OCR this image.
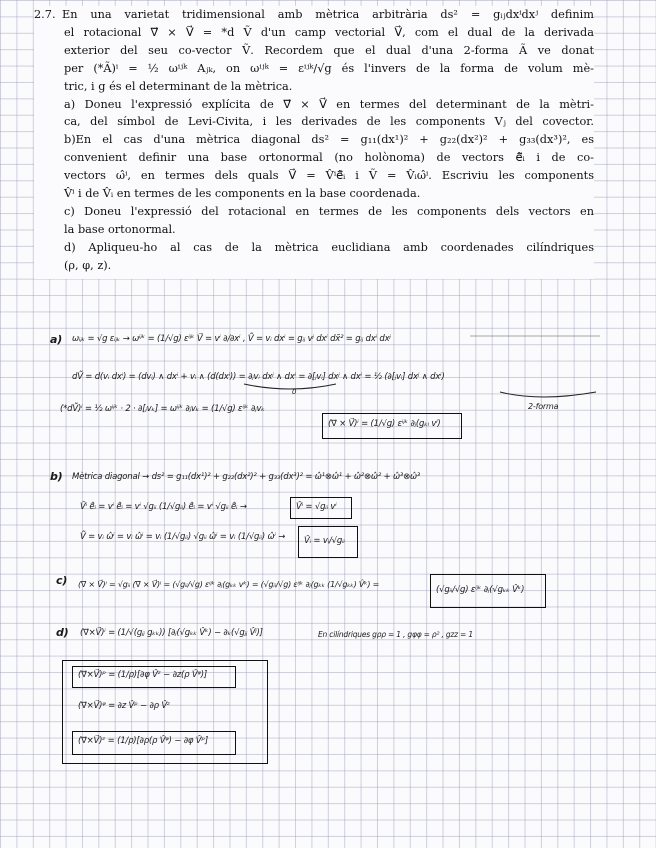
2.7. En una varietat tridimensional amb mètrica arbitrària ds² = gᵢⱼdxⁱdxʲ definim
el rotacional ∇⃗ × V⃗ = *d Ṽ d'un camp vectorial V⃗, com el dual de la derivada
exterior del seu co-vector Ṽ. Recordem que el dual d'una 2-forma Ã ve donat
per (*Ã)ⁱ = ½ ωⁱʲᵏ Aⱼₖ, on ωⁱʲᵏ = εⁱʲᵏ/√g és l'invers de la forma de volum mè-
tric, i g és el determinant de la mètrica.
a) Doneu l'expressió explícita de ∇⃗ × V⃗ en termes del determinant de la mètri-
ca, del símbol de Levi-Civita, i les derivades de les components Vⱼ del covector.
b)En el cas d'una mètrica diagonal ds² = g₁₁(dx¹)² + g₂₂(dx²)² + g₃₃(dx³)², es
convenient definir una base ortonormal (no holònoma) de vectors ê⃗ᵢ i de co-
vectors ω̂ⁱ, en termes dels quals V⃗ = V̂ⁱê⃗ᵢ i Ṽ = V̂ᵢω̂ⁱ. Escriviu les components
V̂ⁱ i de V̂ᵢ en termes de les components en la base coordenada.
c) Doneu l'expressió del rotacional en termes de les components dels vectors en
la base ortonormal.
d) Apliqueu-ho al cas de la mètrica euclidiana amb coordenades cilíndriques
(ρ, φ, z).
a) ωᵢⱼₖ = √g εᵢⱼₖ → ωⁱʲᵏ = (1/√g) εⁱʲᵏ V⃗ = vⁱ ∂/∂xⁱ , Ṽ = vᵢ dxⁱ = gᵢⱼ vʲ dxⁱ dx̃² = gᵢⱼ dxⁱ dxʲ
dṼ = d(vᵢ dxⁱ) = (dvᵢ) ∧ dxⁱ + vᵢ ∧ (d(dxⁱ)) = ∂ⱼvᵢ dxʲ ∧ dxⁱ = ∂[ⱼvᵢ] dxʲ ∧ dxⁱ = ½ (∂[ⱼvᵢ] dxʲ ∧ dxⁱ)
0
2-forma
(*dṼ)ⁱ = ½ ωⁱʲᵏ · 2 · ∂[ⱼvₖ] = ωⁱʲᵏ ∂ⱼvₖ = (1/√g) εⁱʲᵏ ∂ⱼvₖ
(∇⃗ × V⃗)ⁱ = (1/√g) εⁱʲᵏ ∂ⱼ(gₖₗ vˡ)
b) Mètrica diagonal → ds² = g₁₁(dx¹)² + g₂₂(dx²)² + g₃₃(dx³)² = ω̂¹⊗ω̂¹ + ω̂²⊗ω̂² + ω̂³⊗ω̂³
V̂ⁱ ê⃗ᵢ = vⁱ ê⃗ᵢ = vⁱ √gᵢᵢ (1/√gᵢᵢ) ê⃗ᵢ = vⁱ √gᵢᵢ ê⃗ᵢ →	V̂ⁱ = √gᵢᵢ vⁱ
Ṽ = vᵢ ω̂ⁱ = vᵢ ω̂ⁱ = vᵢ (1/√gᵢᵢ) √gᵢᵢ ω̂ⁱ = vᵢ (1/√gᵢᵢ) ω̂ⁱ → V̂ᵢ = vᵢ/√gᵢᵢ
c) (∇⃗ × V⃗)ⁱ = √gᵢᵢ (∇⃗ × V⃗)ⁱ = (√gᵢᵢ/√g) εⁱʲᵏ ∂ⱼ(gₖₖ vᵏ) = (√gᵢᵢ/√g) εⁱʲᵏ ∂ⱼ(gₖₖ (1/√gₖₖ) V̂ᵏ) =
(√gᵢᵢ/√g) εⁱʲᵏ ∂ⱼ(√gₖₖ V̂ᵏ)
d) (∇⃗×V⃗)ⁱ = (1/√(gⱼⱼ gₖₖ)) [∂ⱼ(√gₖₖ V̂ᵏ) − ∂ₖ(√gⱼⱼ V̂ʲ)]	En cilíndriques gρρ = 1 , gφφ = ρ² , gzz = 1
(∇⃗×V⃗)ᵖ = (1/ρ)[∂φ V̂ᶻ − ∂z(ρ V̂ᵠ)]
(∇⃗×V⃗)ᵠ = ∂z V̂ᵖ − ∂ρ V̂ᶻ
(∇⃗×V⃗)ᶻ = (1/ρ)[∂ρ(ρ V̂ᵠ) − ∂φ V̂ᵖ]
